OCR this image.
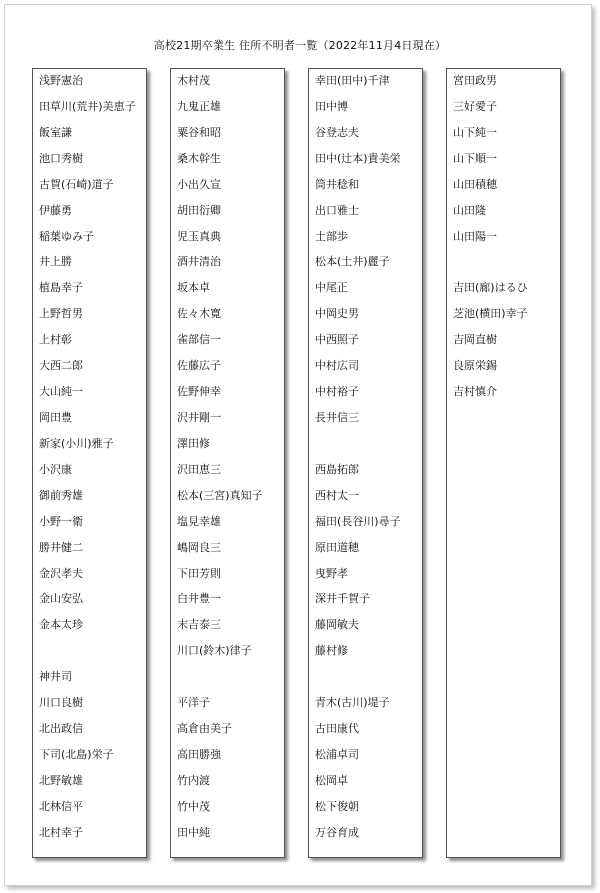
高校21期卒業生 住所不明者一覧（2022年11月4日現在）
浅野憲治
田草川(荒井)美恵子
飯室謙
池口秀樹
古賀(石崎)道子
伊藤勇
稲葉ゆみ子
井上勝
植島幸子
上野哲男
上村彰
大西二郎
大山純一
岡田豊
新家(小川)雅子
小沢康
御前秀雄
小野一衛
勝井健二
金沢孝夫
金山安弘
金本太珍
神井司
川口良樹
北出政信
下司(北島)栄子
北野敏雄
北林信平
北村幸子
木村茂
九鬼正雄
粟谷和昭
桑木幹生
小出久宣
胡田衍卿
児玉真典
酒井清治
坂本卓
佐々木寛
雀部信一
佐藤広子
佐野伸幸
沢井剛一
澤田修
沢田恵三
松本(三宮)真知子
塩見幸雄
嶋岡良三
下田芳則
白井豊一
末吉泰三
川口(鈴木)律子
平洋子
高倉由美子
高田勝強
竹内渡
竹中茂
田中純
幸田(田中)千津
田中博
谷登志夫
田中(辻本)貴美栄
筒井稔和
出口雅士
土部歩
松本(土井)麗子
中尾正
中岡史男
中西照子
中村広司
中村裕子
長井信三
西島拓郎
西村太一
福田(長谷川)尋子
原田道穂
曳野孝
深井千賀子
藤岡敏夫
藤村修
青木(古川)堤子
古田康代
松浦卓司
松岡卓
松下俊朝
万谷育成
宮田政男
三好愛子
山下純一
山下順一
山田積穂
山田隆
山田陽一
吉田(廊)はるひ
芝池(横田)幸子
吉岡直樹
良原栄錫
吉村慎介
